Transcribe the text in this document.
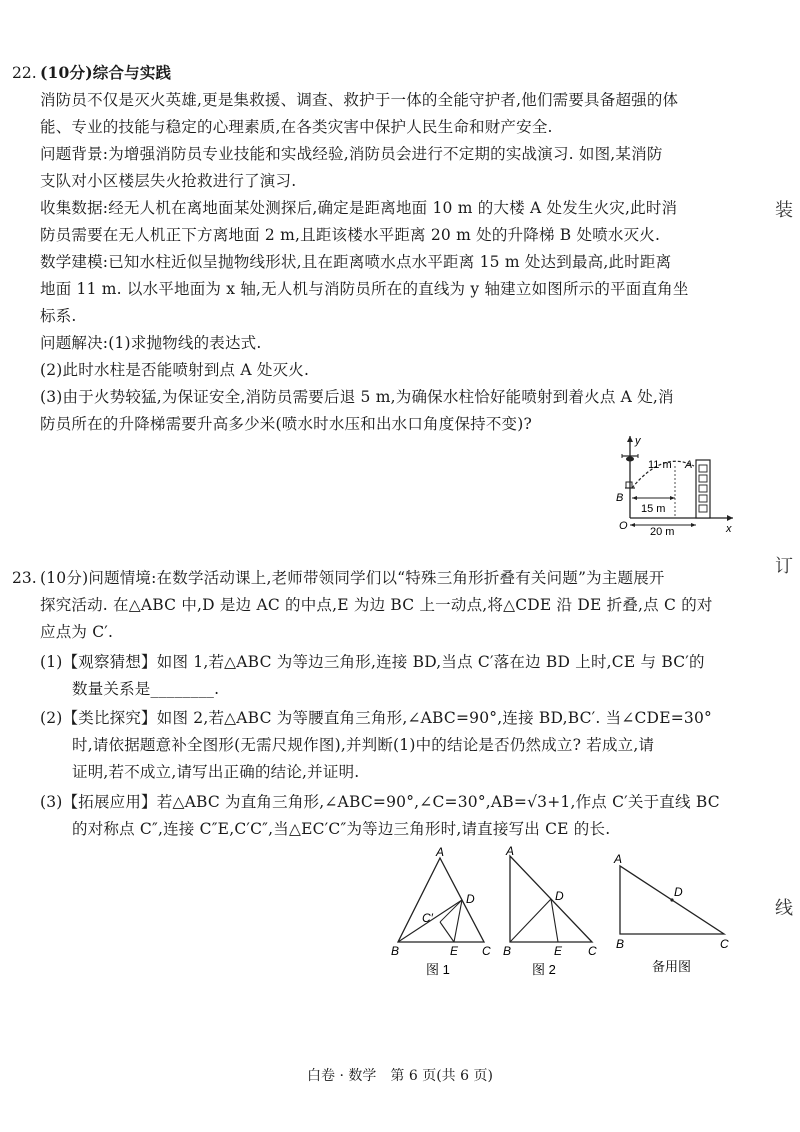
22. (10分)综合与实践
消防员不仅是灭火英雄,更是集救援、调查、救护于一体的全能守护者,他们需要具备超强的体
能、专业的技能与稳定的心理素质,在各类灾害中保护人民生命和财产安全.
问题背景:为增强消防员专业技能和实战经验,消防员会进行不定期的实战演习. 如图,某消防
支队对小区楼层失火抢救进行了演习.
收集数据:经无人机在离地面某处测探后,确定是距离地面 10 m 的大楼 A 处发生火灾,此时消
防员需要在无人机正下方离地面 2 m,且距该楼水平距离 20 m 处的升降梯 B 处喷水灭火.
数学建模:已知水柱近似呈抛物线形状,且在距离喷水点水平距离 15 m 处达到最高,此时距离
地面 11 m. 以水平地面为 x 轴,无人机与消防员所在的直线为 y 轴建立如图所示的平面直角坐
标系.
问题解决:(1)求抛物线的表达式.
(2)此时水柱是否能喷射到点 A 处灭火.
(3)由于火势较猛,为保证安全,消防员需要后退 5 m,为确保水柱恰好能喷射到着火点 A 处,消
防员所在的升降梯需要升高多少米(喷水时水压和出水口角度保持不变)?
y
x
O
B
A
11 m
15 m
20 m
23. (10分)问题情境:在数学活动课上,老师带领同学们以“特殊三角形折叠有关问题”为主题展开
探究活动. 在△ABC 中,D 是边 AC 的中点,E 为边 BC 上一动点,将△CDE 沿 DE 折叠,点 C 的对
应点为 C′.
(1)【观察猜想】如图 1,若△ABC 为等边三角形,连接 BD,当点 C′落在边 BD 上时,CE 与 BC′的
数量关系是________.
(2)【类比探究】如图 2,若△ABC 为等腰直角三角形,∠ABC=90°,连接 BD,BC′. 当∠CDE=30°
时,请依据题意补全图形(无需尺规作图),并判断(1)中的结论是否仍然成立? 若成立,请
证明,若不成立,请写出正确的结论,并证明.
(3)【拓展应用】若△ABC 为直角三角形,∠ABC=90°,∠C=30°,AB=√3+1,作点 C′关于直线 BC
的对称点 C″,连接 C″E,C′C″,当△EC′C″为等边三角形时,请直接写出 CE 的长.
A
B	C
D
E
C′
图 1
A
B	C
D
E
图 2
A
B	C
D
备用图
装
订
线
白卷 · 数学　第 6 页(共 6 页)
